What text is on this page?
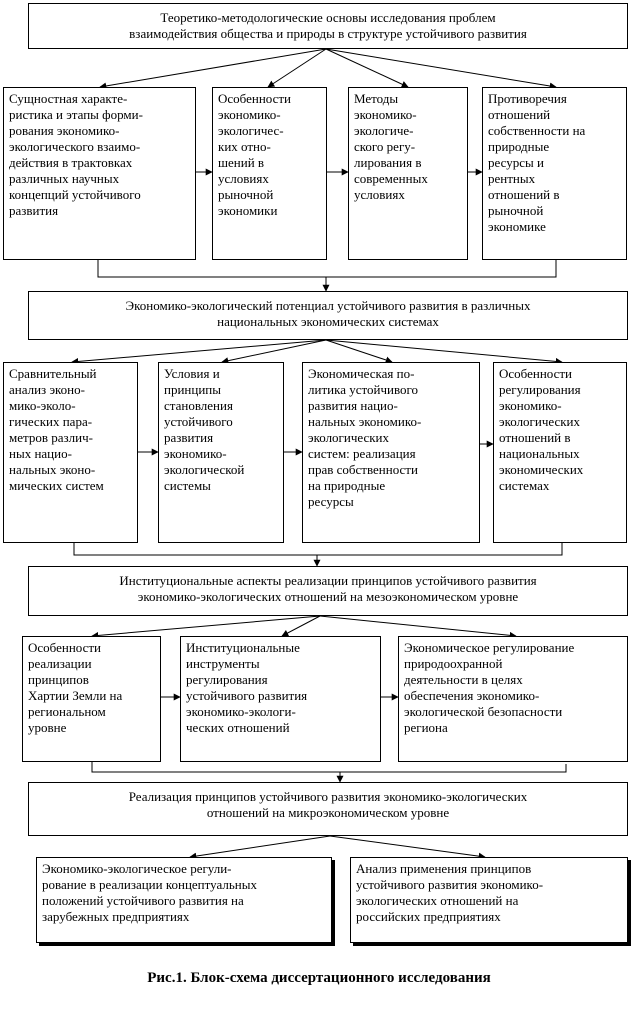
Теоретико-методологические основы исследования проблем
взаимодействия общества и природы в структуре устойчивого развития
Сущностная характе-
ристика и этапы форми-
рования экономико-
экологического взаимо-
действия в трактовках
различных научных
концепций устойчивого
развития
Особенности
экономико-
экологичес-
ких отно-
шений в
условиях
рыночной
экономики
Методы
экономико-
экологиче-
ского регу-
лирования в
современных
условиях
Противоречия
отношений
собственности на
природные
ресурсы и
рентных
отношений в
рыночной
экономике
Экономико-экологический потенциал устойчивого развития в различных
национальных экономических системах
Сравнительный
анализ эконо-
мико-эколо-
гических пара-
метров различ-
ных нацио-
нальных эконо-
мических систем
Условия и
принципы
становления
устойчивого
развития
экономико-
экологической
системы
Экономическая по-
литика устойчивого
развития нацио-
нальных экономико-
экологических
систем: реализация
прав собственности
на природные
ресурсы
Особенности
регулирования
экономико-
экологических
отношений в
национальных
экономических
системах
Институциональные аспекты реализации принципов устойчивого развития
экономико-экологических отношений на мезоэкономическом уровне
Особенности
реализации
принципов
Хартии Земли на
региональном
уровне
Институциональные
инструменты
регулирования
устойчивого развития
экономико-экологи-
ческих отношений
Экономическое регулирование
природоохранной
деятельности в целях
обеспечения экономико-
экологической безопасности
региона
Реализация принципов устойчивого развития экономико-экологических
отношений на микроэкономическом уровне
Экономико-экологическое регули-
рование в реализации концептуальных
положений устойчивого развития на
зарубежных предприятиях
Анализ применения принципов
устойчивого развития экономико-
экологических отношений на
российских предприятиях
Рис.1. Блок-схема диссертационного исследования
